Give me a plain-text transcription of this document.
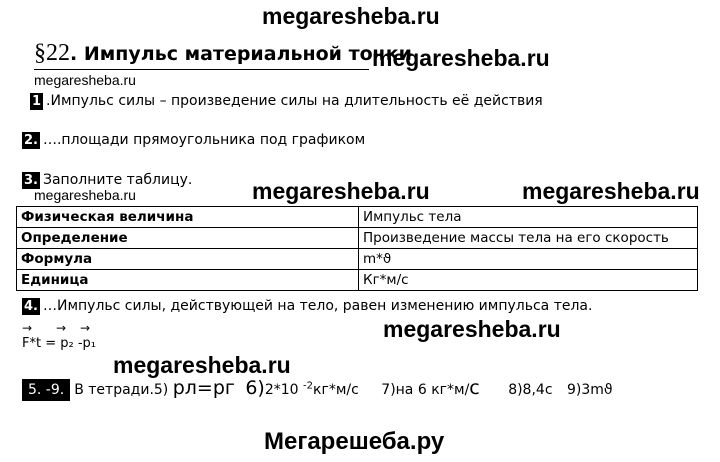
megaresheba.ru
§22. Импульс материальной точки
megaresheba.ru
megaresheba.ru
1 .Импульс силы – произведение силы на длительность её действия
2. ….площади прямоугольника под графиком
3. Заполните таблицу.
megaresheba.ru	megaresheba.ru	megaresheba.ru
Физическая величина	Импульс тела
Определение	Произведение массы тела на его скорость
Формула	m*ϑ
Единица	Кг*м/с
4. …Импульс силы, действующей на тело, равен изменению импульса тела.
→ → →
F*t = p₂ -p₁
megaresheba.ru
megaresheba.ru
5. -9. В тетради.5) pл=pг 6)2*10 $^{-2}$кг*м/с 7)на 6 кг*м/с 8)8,4с 9)3mϑ
Мегарешеба.ру
